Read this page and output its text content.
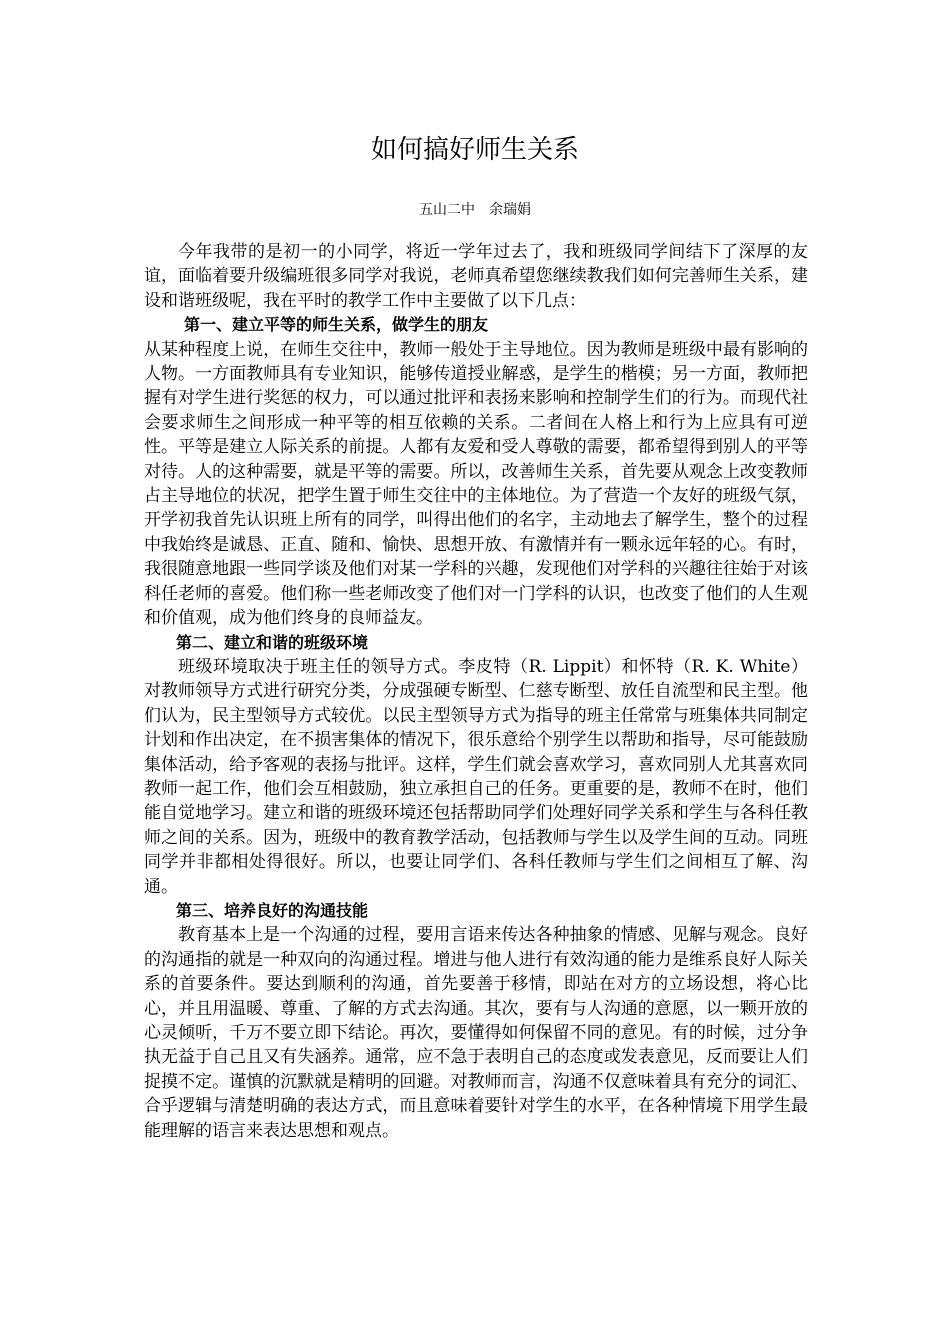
如何搞好师生关系
五山二中　余瑞娟

今年我带的是初一的小同学，将近一学年过去了，我和班级同学间结下了深厚的友谊，面临着要升级编班很多同学对我说，老师真希望您继续教我们如何完善师生关系，建设和谐班级呢，我在平时的教学工作中主要做了以下几点：

第一、建立平等的师生关系，做学生的朋友

从某种程度上说，在师生交往中，教师一般处于主导地位。因为教师是班级中最有影响的人物。一方面教师具有专业知识，能够传道授业解惑，是学生的楷模；另一方面，教师把握有对学生进行奖惩的权力，可以通过批评和表扬来影响和控制学生们的行为。而现代社会要求师生之间形成一种平等的相互依赖的关系。二者间在人格上和行为上应具有可逆性。平等是建立人际关系的前提。人都有友爱和受人尊敬的需要，都希望得到别人的平等对待。人的这种需要，就是平等的需要。所以，改善师生关系，首先要从观念上改变教师占主导地位的状况，把学生置于师生交往中的主体地位。为了营造一个友好的班级气氛，开学初我首先认识班上所有的同学，叫得出他们的名字，主动地去了解学生，整个的过程中我始终是诚恳、正直、随和、愉快、思想开放、有激情并有一颗永远年轻的心。有时，我很随意地跟一些同学谈及他们对某一学科的兴趣，发现他们对学科的兴趣往往始于对该科任老师的喜爱。他们称一些老师改变了他们对一门学科的认识，也改变了他们的人生观和价值观，成为他们终身的良师益友。

第二、建立和谐的班级环境

班级环境取决于班主任的领导方式。李皮特（R. Lippit）和怀特（R. K. White）对教师领导方式进行研究分类，分成强硬专断型、仁慈专断型、放任自流型和民主型。他们认为，民主型领导方式较优。以民主型领导方式为指导的班主任常常与班集体共同制定计划和作出决定，在不损害集体的情况下，很乐意给个别学生以帮助和指导，尽可能鼓励集体活动，给予客观的表扬与批评。这样，学生们就会喜欢学习，喜欢同别人尤其喜欢同教师一起工作，他们会互相鼓励，独立承担自己的任务。更重要的是，教师不在时，他们能自觉地学习。建立和谐的班级环境还包括帮助同学们处理好同学关系和学生与各科任教师之间的关系。因为，班级中的教育教学活动，包括教师与学生以及学生间的互动。同班同学并非都相处得很好。所以，也要让同学们、各科任教师与学生们之间相互了解、沟通。

第三、培养良好的沟通技能

教育基本上是一个沟通的过程，要用言语来传达各种抽象的情感、见解与观念。良好的沟通指的就是一种双向的沟通过程。增进与他人进行有效沟通的能力是维系良好人际关系的首要条件。要达到顺利的沟通，首先要善于移情，即站在对方的立场设想，将心比心，并且用温暖、尊重、了解的方式去沟通。其次，要有与人沟通的意愿，以一颗开放的心灵倾听，千万不要立即下结论。再次，要懂得如何保留不同的意见。有的时候，过分争执无益于自己且又有失涵养。通常，应不急于表明自己的态度或发表意见，反而要让人们捉摸不定。谨慎的沉默就是精明的回避。对教师而言，沟通不仅意味着具有充分的词汇、合乎逻辑与清楚明确的表达方式，而且意味着要针对学生的水平，在各种情境下用学生最能理解的语言来表达思想和观点。
